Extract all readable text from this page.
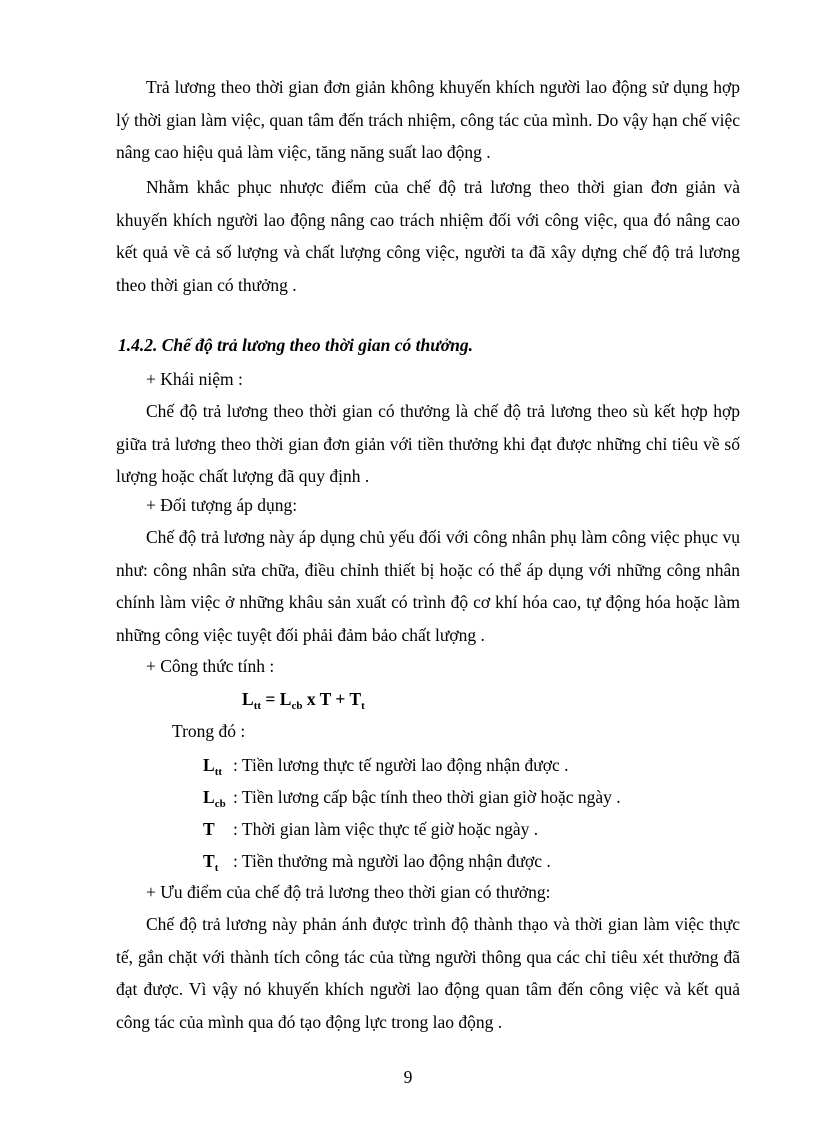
Trả lương theo thời gian đơn giản không khuyến khích người lao động sử dụng hợp lý thời gian làm việc, quan tâm đến trách nhiệm, công tác của mình. Do vậy hạn chế việc nâng cao hiệu quả làm việc, tăng năng suất lao động .

Nhằm khắc phục nhược điểm của chế độ trả lương theo thời gian đơn giản và khuyến khích người lao động nâng cao trách nhiệm đối với công việc, qua đó nâng cao kết quả về cả số lượng và chất lượng công việc, người ta đã xây dựng chế độ trả lương theo thời gian có thưởng .

1.4.2. Chế độ trả lương theo thời gian có thưởng.
+ Khái niệm :

Chế độ trả lương theo thời gian có thưởng là chế độ trả lương theo sù kết hợp hợp giữa trả lương theo thời gian đơn giản với tiền thưởng khi đạt được những chỉ tiêu về số lượng hoặc chất lượng đã quy định .

+ Đối tượng áp dụng:

Chế độ trả lương này áp dụng chủ yếu đối với công nhân phụ làm công việc phục vụ như: công nhân sửa chữa, điều chỉnh thiết bị hoặc có thể áp dụng với những công nhân chính làm việc ở những khâu sản xuất có trình độ cơ khí hóa cao, tự động hóa hoặc làm những công việc tuyệt đối phải đảm bảo chất lượng .

+ Công thức tính :
$L_{tt} = L_{cb}$ x $T + T_t$
Trong đó :
$L_{tt}$ : Tiền lương thực tế người lao động nhận được .
$L_{cb}$ : Tiền lương cấp bậc tính theo thời gian giờ hoặc ngày .
T : Thời gian làm việc thực tế giờ hoặc ngày .
$T_t$ : Tiền thưởng mà người lao động nhận được .
+ Ưu điểm của chế độ trả lương theo thời gian có thưởng:

Chế độ trả lương này phản ánh được trình độ thành thạo và thời gian làm việc thực tế, gắn chặt với thành tích công tác của từng người thông qua các chỉ tiêu xét thưởng đã đạt được. Vì vậy nó khuyến khích người lao động quan tâm đến công việc và kết quả công tác của mình qua đó tạo động lực trong lao động .

9
